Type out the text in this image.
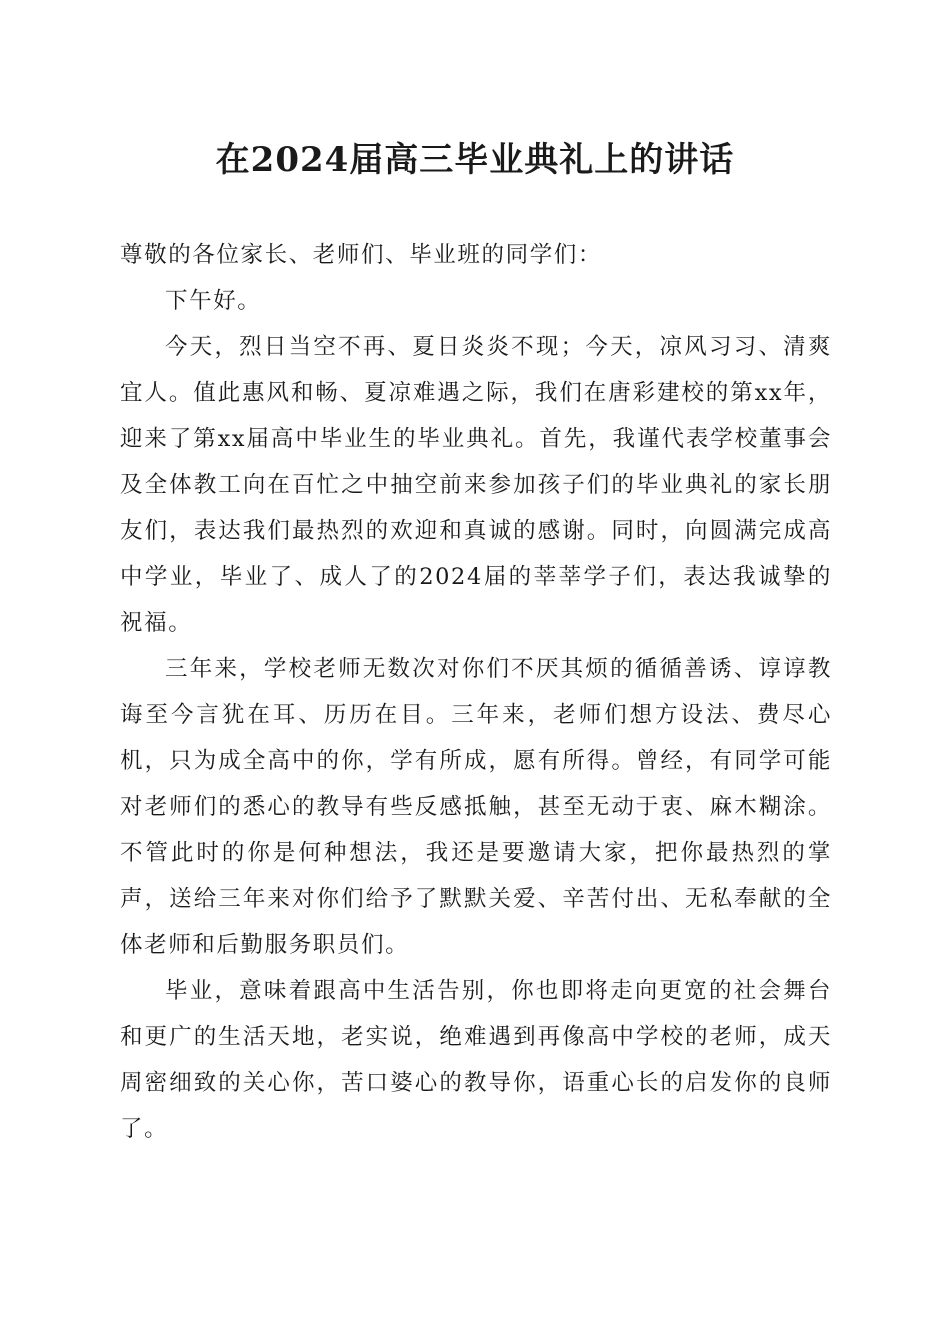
在2024届高三毕业典礼上的讲话

尊敬的各位家长、老师们、毕业班的同学们：

下午好。

今天，烈日当空不再、夏日炎炎不现；今天，凉风习习、清爽宜人。值此惠风和畅、夏凉难遇之际，我们在唐彩建校的第xx年，迎来了第xx届高中毕业生的毕业典礼。首先，我谨代表学校董事会及全体教工向在百忙之中抽空前来参加孩子们的毕业典礼的家长朋友们，表达我们最热烈的欢迎和真诚的感谢。同时，向圆满完成高中学业，毕业了、成人了的2024届的莘莘学子们，表达我诚挚的祝福。

三年来，学校老师无数次对你们不厌其烦的循循善诱、谆谆教诲至今言犹在耳、历历在目。三年来，老师们想方设法、费尽心机，只为成全高中的你，学有所成，愿有所得。曾经，有同学可能对老师们的悉心的教导有些反感抵触，甚至无动于衷、麻木糊涂。不管此时的你是何种想法，我还是要邀请大家，把你最热烈的掌声，送给三年来对你们给予了默默关爱、辛苦付出、无私奉献的全体老师和后勤服务职员们。

毕业，意味着跟高中生活告别，你也即将走向更宽的社会舞台和更广的生活天地，老实说，绝难遇到再像高中学校的老师，成天周密细致的关心你，苦口婆心的教导你，语重心长的启发你的良师了。
